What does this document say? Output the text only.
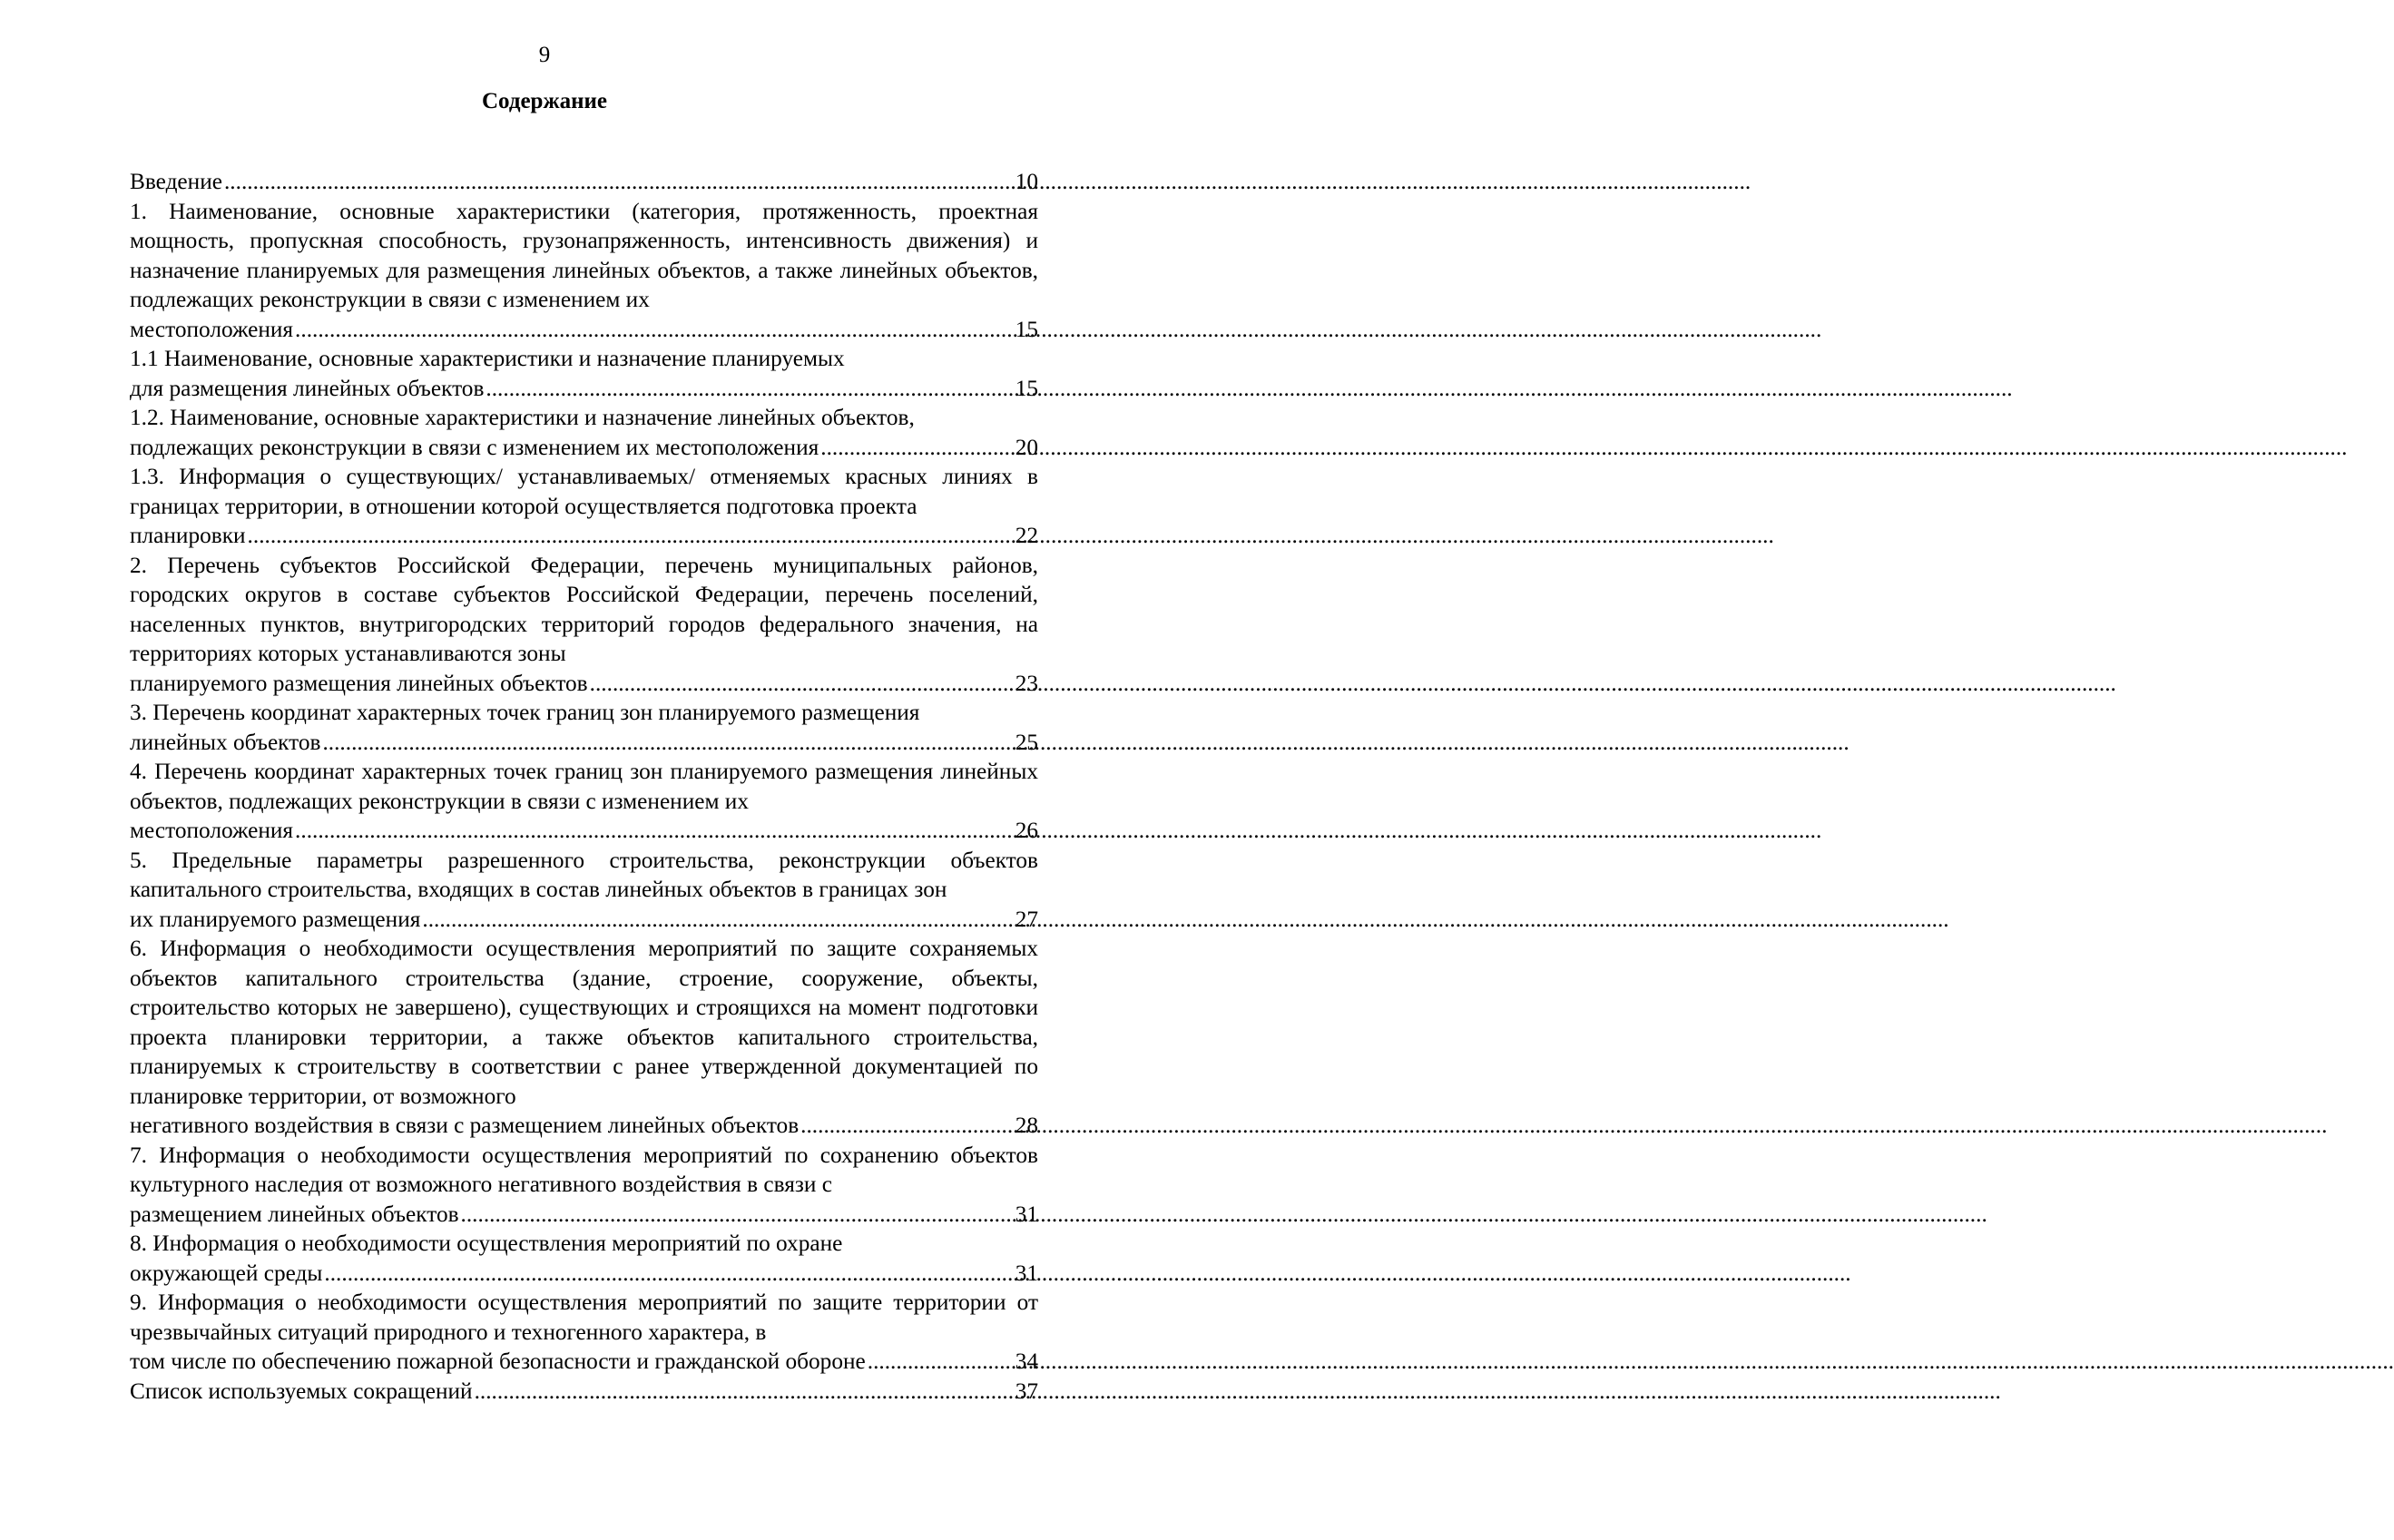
9
Содержание
Введение .....	10
1. Наименование, основные характеристики (категория, протяженность, проектная мощность, пропускная способность, грузонапряженность, интенсивность движения) и назначение планируемых для размещения линейных объектов, а также линейных объектов, подлежащих реконструкции в связи с изменением их
местоположения .....	15
1.1 Наименование, основные характеристики и назначение планируемых
для размещения линейных объектов .....	15
1.2. Наименование, основные характеристики и назначение линейных объектов,
подлежащих реконструкции в связи с изменением их местоположения .....	20
1.3. Информация о существующих/ устанавливаемых/ отменяемых красных линиях в границах территории, в отношении которой осуществляется подготовка проекта
планировки .....	22
2. Перечень субъектов Российской Федерации, перечень муниципальных районов, городских округов в составе субъектов Российской Федерации, перечень поселений, населенных пунктов, внутригородских территорий городов федерального значения, на территориях которых устанавливаются зоны
планируемого размещения линейных объектов .....	23
3. Перечень координат характерных точек границ зон планируемого размещения
линейных объектов .....	25
4. Перечень координат характерных точек границ зон планируемого размещения линейных объектов, подлежащих реконструкции в связи с изменением их
местоположения .....	26
5. Предельные параметры разрешенного строительства, реконструкции объектов капитального строительства, входящих в состав линейных объектов в границах зон
их планируемого размещения .....	27
6. Информация о необходимости осуществления мероприятий по защите сохраняемых объектов капитального строительства (здание, строение, сооружение, объекты, строительство которых не завершено), существующих и строящихся на момент подготовки проекта планировки территории, а также объектов капитального строительства, планируемых к строительству в соответствии с ранее утвержденной документацией по планировке территории, от возможного
негативного воздействия в связи с размещением линейных объектов .....	28
7. Информация о необходимости осуществления мероприятий по сохранению объектов культурного наследия от возможного негативного воздействия в связи с
размещением линейных объектов .....	31
8. Информация о необходимости осуществления мероприятий по охране
окружающей среды .....	31
9. Информация о необходимости осуществления мероприятий по защите территории от чрезвычайных ситуаций природного и техногенного характера, в
том числе по обеспечению пожарной безопасности и гражданской обороне .....	34
Список используемых сокращений .....	37
